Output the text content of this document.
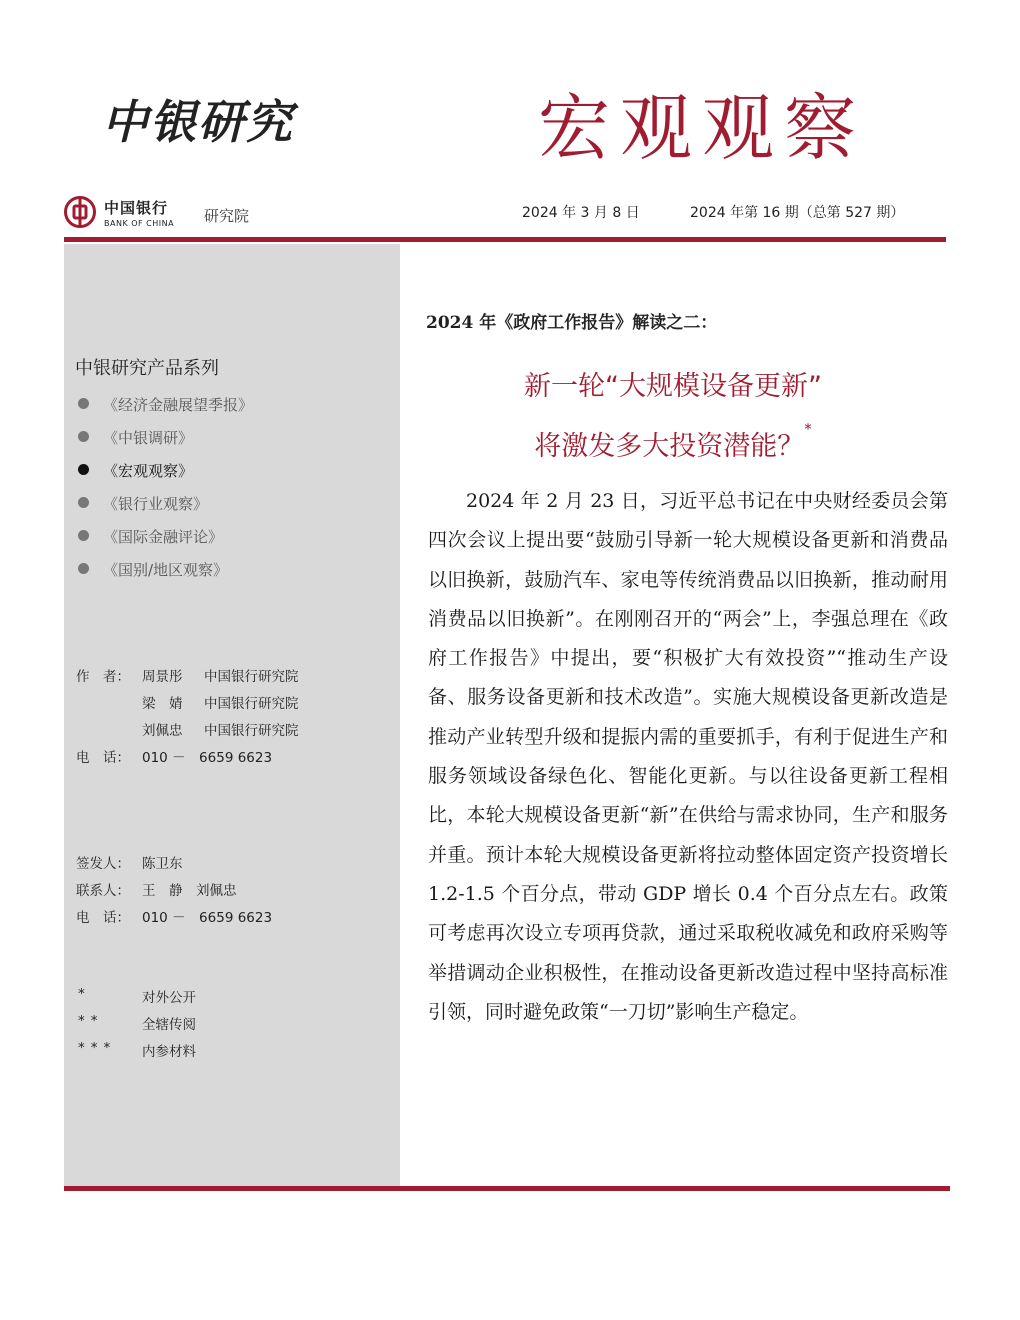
中银研究	宏观观察
中国银行
BANK OF CHINA 研究院	2024 年 3 月 8 日	2024 年第 16 期（总第 527 期）
中银研究产品系列
《经济金融展望季报》
《中银调研》
《宏观观察》
《银行业观察》
《国际金融评论》
《国别/地区观察》
作　者： 周景彤 中国银行研究院
梁　婧 中国银行研究院
刘佩忠 中国银行研究院
电　话： 010 －　6659 6623
签发人： 陈卫东
联系人： 王　静　刘佩忠
电　话： 010 －　6659 6623
*	对外公开
**	全辖传阅
*** 内参材料
2024 年《政府工作报告》解读之二：
新一轮“大规模设备更新”
将激发多大投资潜能？*

2024 年 2 月 23 日，习近平总书记在中央财经委员会第四次会议上提出要“鼓励引导新一轮大规模设备更新和消费品以旧换新，鼓励汽车、家电等传统消费品以旧换新，推动耐用消费品以旧换新”。在刚刚召开的“两会”上，李强总理在《政府工作报告》中提出，要“积极扩大有效投资”“推动生产设备、服务设备更新和技术改造”。实施大规模设备更新改造是推动产业转型升级和提振内需的重要抓手，有利于促进生产和服务领域设备绿色化、智能化更新。与以往设备更新工程相比，本轮大规模设备更新“新”在供给与需求协同，生产和服务并重。预计本轮大规模设备更新将拉动整体固定资产投资增长 1.2-1.5 个百分点，带动 GDP 增长 0.4 个百分点左右。政策可考虑再次设立专项再贷款，通过采取税收减免和政府采购等举措调动企业积极性，在推动设备更新改造过程中坚持高标准引领，同时避免政策“一刀切”影响生产稳定。
